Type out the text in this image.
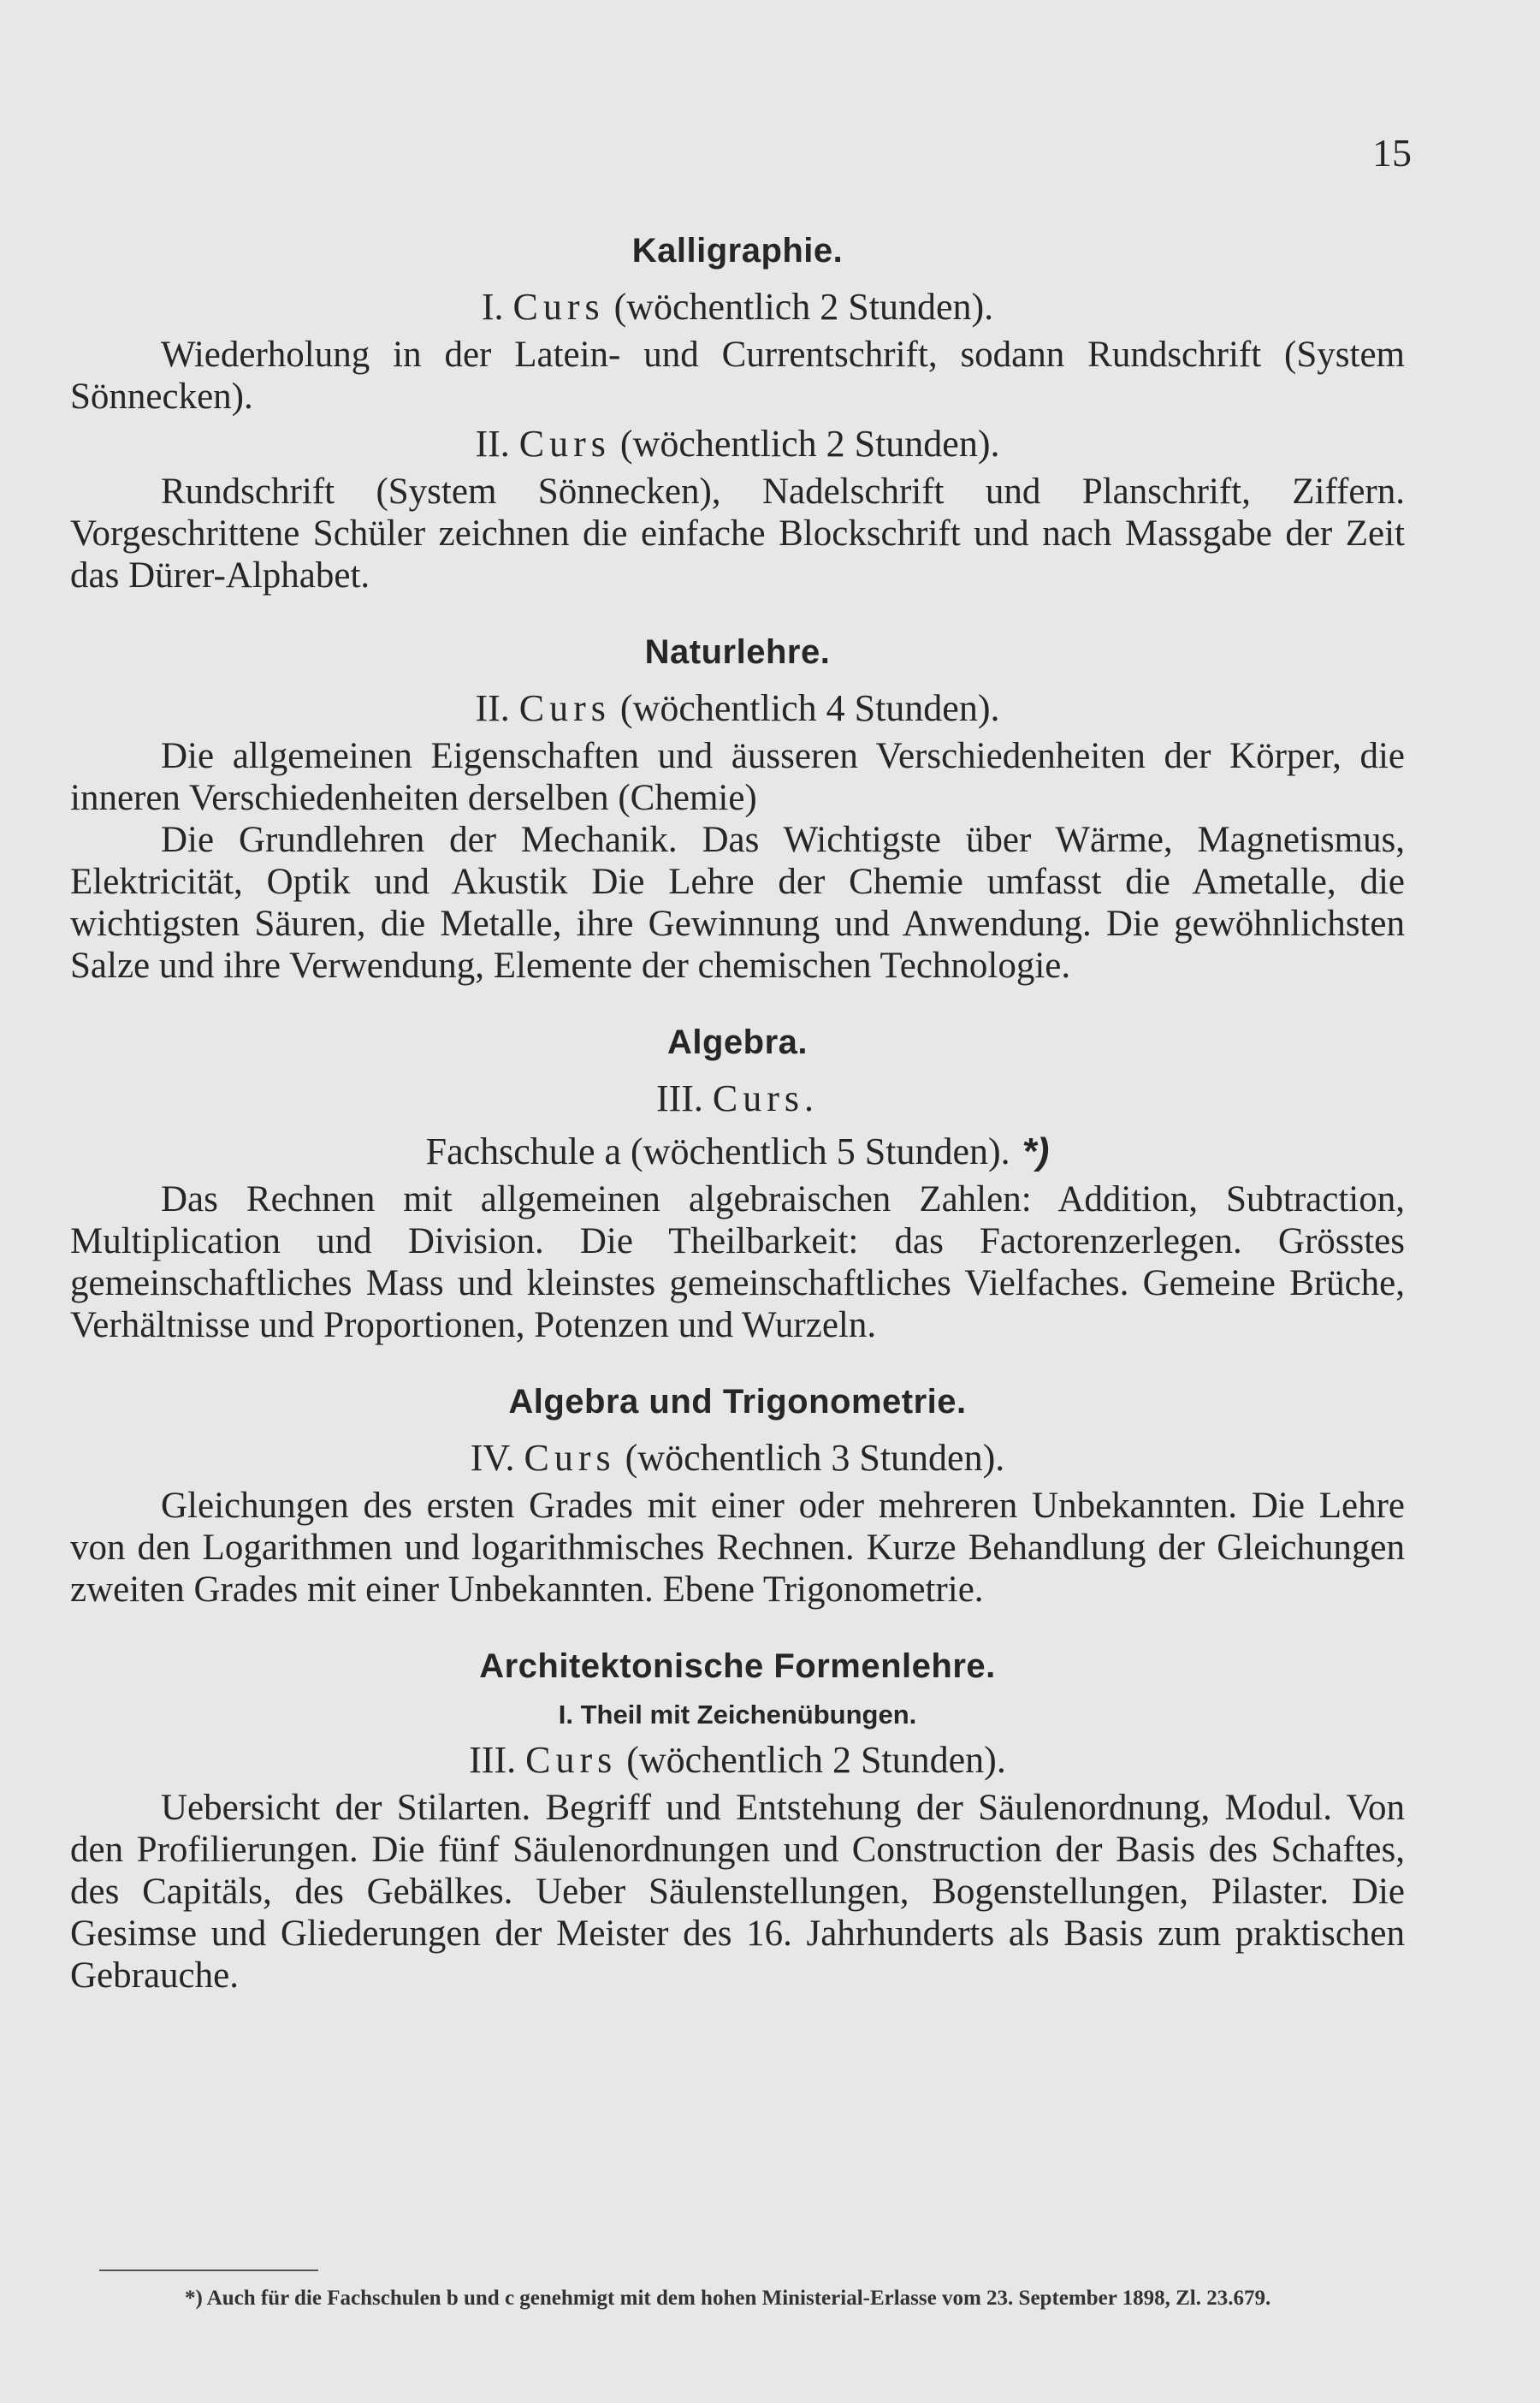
15
Kalligraphie.

I. Curs (wöchentlich 2 Stunden).

Wiederholung in der Latein- und Currentschrift, sodann Rundschrift (System Sönnecken).

II. Curs (wöchentlich 2 Stunden).

Rundschrift (System Sönnecken), Nadelschrift und Planschrift, Ziffern. Vorgeschrittene Schüler zeichnen die einfache Blockschrift und nach Massgabe der Zeit das Dürer-Alphabet.

Naturlehre.

II. Curs (wöchentlich 4 Stunden).

Die allgemeinen Eigenschaften und äusseren Verschiedenheiten der Körper, die inneren Verschiedenheiten derselben (Chemie)

Die Grundlehren der Mechanik. Das Wichtigste über Wärme, Magnetismus, Elektricität, Optik und Akustik Die Lehre der Chemie umfasst die Ametalle, die wichtigsten Säuren, die Metalle, ihre Gewinnung und Anwendung. Die gewöhnlichsten Salze und ihre Verwendung, Elemente der chemischen Technologie.

Algebra.

III. Curs.

Fachschule a (wöchentlich 5 Stunden). *)

Das Rechnen mit allgemeinen algebraischen Zahlen: Addition, Subtraction, Multiplication und Division. Die Theilbarkeit: das Factorenzerlegen. Grösstes gemeinschaftliches Mass und kleinstes gemeinschaftliches Vielfaches. Gemeine Brüche, Verhältnisse und Proportionen, Potenzen und Wurzeln.

Algebra und Trigonometrie.

IV. Curs (wöchentlich 3 Stunden).

Gleichungen des ersten Grades mit einer oder mehreren Unbekannten. Die Lehre von den Logarithmen und logarithmisches Rechnen. Kurze Behandlung der Gleichungen zweiten Grades mit einer Unbekannten. Ebene Trigonometrie.

Architektonische Formenlehre.

I. Theil mit Zeichenübungen.

III. Curs (wöchentlich 2 Stunden).

Uebersicht der Stilarten. Begriff und Entstehung der Säulenordnung, Modul. Von den Profilierungen. Die fünf Säulenordnungen und Construction der Basis des Schaftes, des Capitäls, des Gebälkes. Ueber Säulenstellungen, Bogenstellungen, Pilaster. Die Gesimse und Gliederungen der Meister des 16. Jahrhunderts als Basis zum praktischen Gebrauche.

*) Auch für die Fachschulen b und c genehmigt mit dem hohen Ministerial-Erlasse vom 23. September 1898, Zl. 23.679.
